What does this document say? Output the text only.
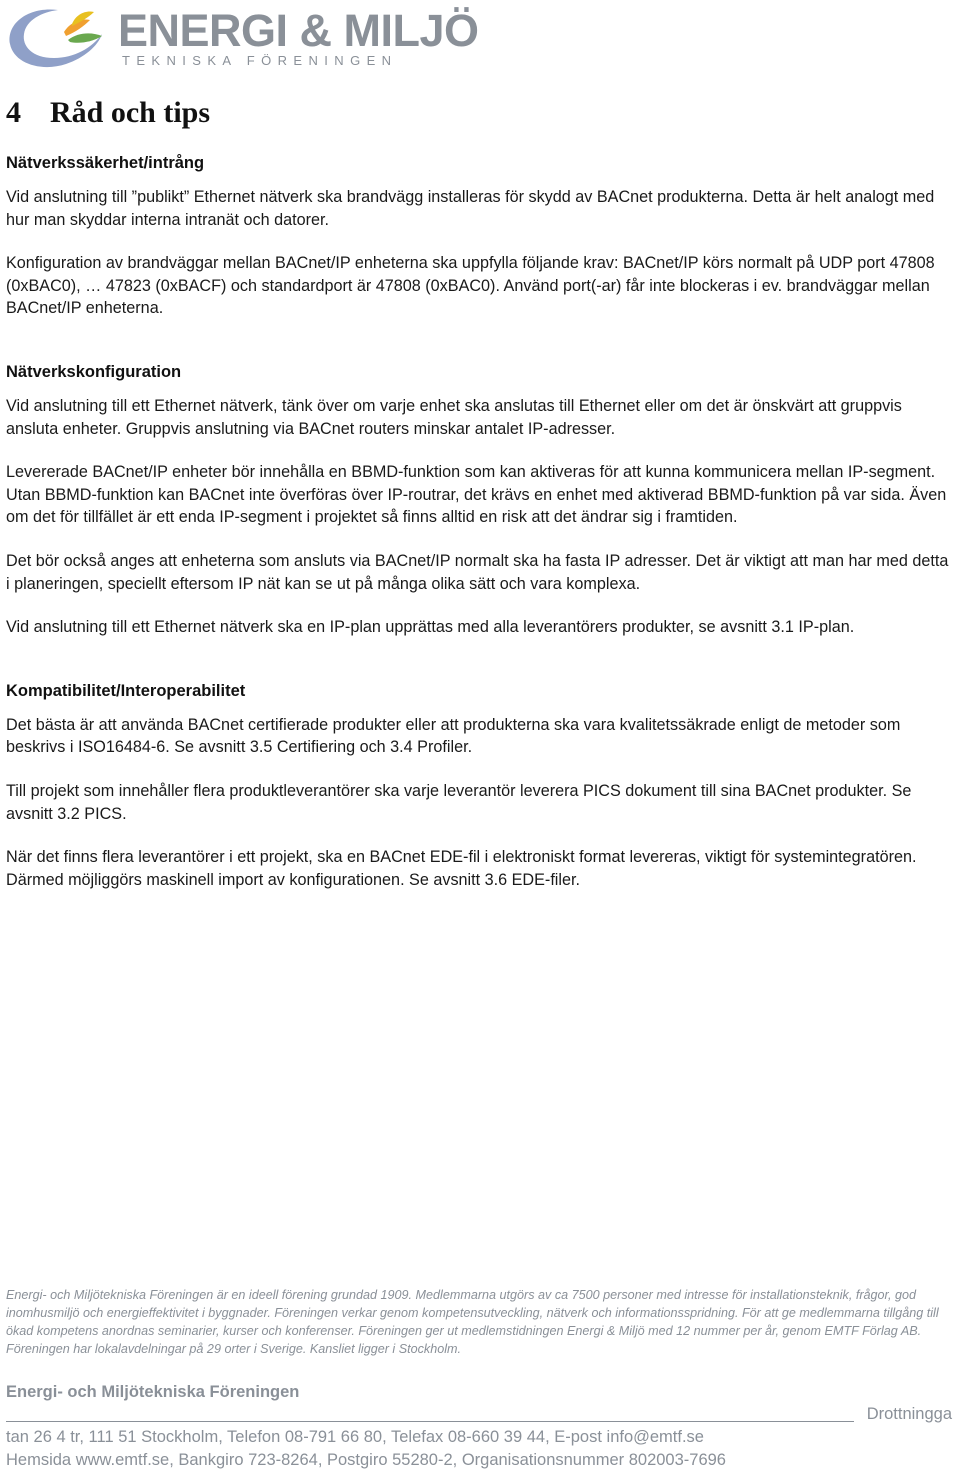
ENERGI & MILJÖ
TEKNISKA FÖRENINGEN
4 Råd och tips
Nätverkssäkerhet/intrång

Vid anslutning till ”publikt” Ethernet nätverk ska brandvägg installeras för skydd av BACnet produkterna. Detta är helt analogt med hur man skyddar interna intranät och datorer.

Konfiguration av brandväggar mellan BACnet/IP enheterna ska uppfylla följande krav: BACnet/IP körs normalt på UDP port 47808 (0xBAC0), … 47823 (0xBACF) och standardport är 47808 (0xBAC0). Använd port(-ar) får inte blockeras i ev. brandväggar mellan BACnet/IP enheterna.

Nätverkskonfiguration

Vid anslutning till ett Ethernet nätverk, tänk över om varje enhet ska anslutas till Ethernet eller om det är önskvärt att gruppvis ansluta enheter. Gruppvis anslutning via BACnet routers minskar antalet IP-adresser.

Levererade BACnet/IP enheter bör innehålla en BBMD-funktion som kan aktiveras för att kunna kommunicera mellan IP-segment. Utan BBMD-funktion kan BACnet inte överföras över IP-routrar, det krävs en enhet med aktiverad BBMD-funktion på var sida. Även om det för tillfället är ett enda IP-segment i projektet så finns alltid en risk att det ändrar sig i framtiden.

Det bör också anges att enheterna som ansluts via BACnet/IP normalt ska ha fasta IP adresser. Det är viktigt att man har med detta i planeringen, speciellt eftersom IP nät kan se ut på många olika sätt och vara komplexa.

Vid anslutning till ett Ethernet nätverk ska en IP-plan upprättas med alla leverantörers produkter, se avsnitt 3.1 IP-plan.

Kompatibilitet/Interoperabilitet

Det bästa är att använda BACnet certifierade produkter eller att produkterna ska vara kvalitetssäkrade enligt de metoder som beskrivs i ISO16484-6. Se avsnitt 3.5 Certifiering och 3.4 Profiler.

Till projekt som innehåller flera produktleverantörer ska varje leverantör leverera PICS dokument till sina BACnet produkter. Se avsnitt 3.2 PICS.

När det finns flera leverantörer i ett projekt, ska en BACnet EDE-fil i elektroniskt format levereras, viktigt för systemintegratören. Därmed möjliggörs maskinell import av konfigurationen. Se avsnitt 3.6 EDE-filer.

Energi- och Miljötekniska Föreningen är en ideell förening grundad 1909. Medlemmarna utgörs av ca 7500 personer med intresse för installationsteknik, frågor, god inomhusmiljö och energieffektivitet i byggnader. Föreningen verkar genom kompetensutveckling, nätverk och informationsspridning. För att ge medlemmarna tillgång till ökad kompetens anordnas seminarier, kurser och konferenser. Föreningen ger ut medlemstidningen Energi & Miljö med 12 nummer per år, genom EMTF Förlag AB. Föreningen har lokalavdelningar på 29 orter i Sverige. Kansliet ligger i Stockholm.
Energi- och Miljötekniska Föreningen
Drottningga
tan 26 4 tr, 111 51 Stockholm, Telefon 08-791 66 80, Telefax 08-660 39 44, E-post info@emtf.se
Hemsida www.emtf.se, Bankgiro 723-8264, Postgiro 55280-2, Organisationsnummer 802003-7696
